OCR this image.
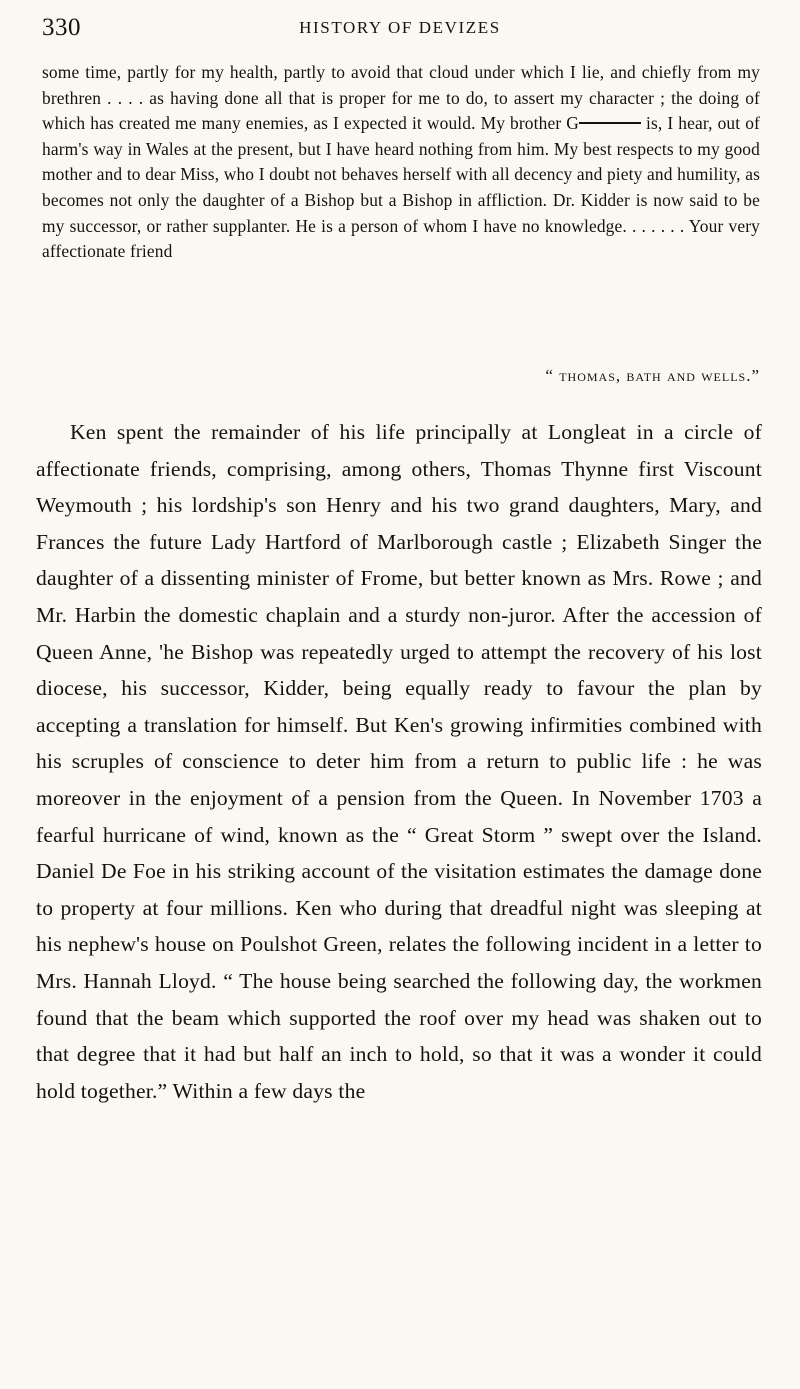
330	HISTORY OF DEVIZES

some time, partly for my health, partly to avoid that cloud under which I lie, and chiefly from my brethren . . . . as having done all that is proper for me to do, to assert my character ; the doing of which has created me many enemies, as I expected it would. My brother G	is, I hear, out of harm's way in Wales at the present, but I have heard nothing from him. My best respects to my good mother and to dear Miss, who I doubt not behaves herself with all decency and piety and humility, as becomes not only the daughter of a Bishop but a Bishop in affliction. Dr. Kidder is now said to be my successor, or rather supplanter. He is a person of whom I have no knowledge. . . . . . . Your very affectionate friend

“ thomas, bath and wells.”

Ken spent the remainder of his life principally at Longleat in a circle of affectionate friends, comprising, among others, Thomas Thynne first Viscount Weymouth ; his lordship's son Henry and his two grand daughters, Mary, and Frances the future Lady Hartford of Marlborough castle ; Elizabeth Singer the daughter of a dissenting minister of Frome, but better known as Mrs. Rowe ; and Mr. Harbin the domestic chaplain and a sturdy non-juror. After the accession of Queen Anne, 'he Bishop was repeatedly urged to attempt the recovery of his lost diocese, his successor, Kidder, being equally ready to favour the plan by accepting a translation for himself. But Ken's growing infirmities combined with his scruples of conscience to deter him from a return to public life : he was moreover in the enjoyment of a pension from the Queen. In November 1703 a fearful hurricane of wind, known as the “ Great Storm ” swept over the Island. Daniel De Foe in his striking account of the visitation estimates the damage done to property at four millions. Ken who during that dreadful night was sleeping at his nephew's house on Poulshot Green, relates the following incident in a letter to Mrs. Hannah Lloyd. “ The house being searched the following day, the workmen found that the beam which supported the roof over my head was shaken out to that degree that it had but half an inch to hold, so that it was a wonder it could hold together.” Within a few days the
